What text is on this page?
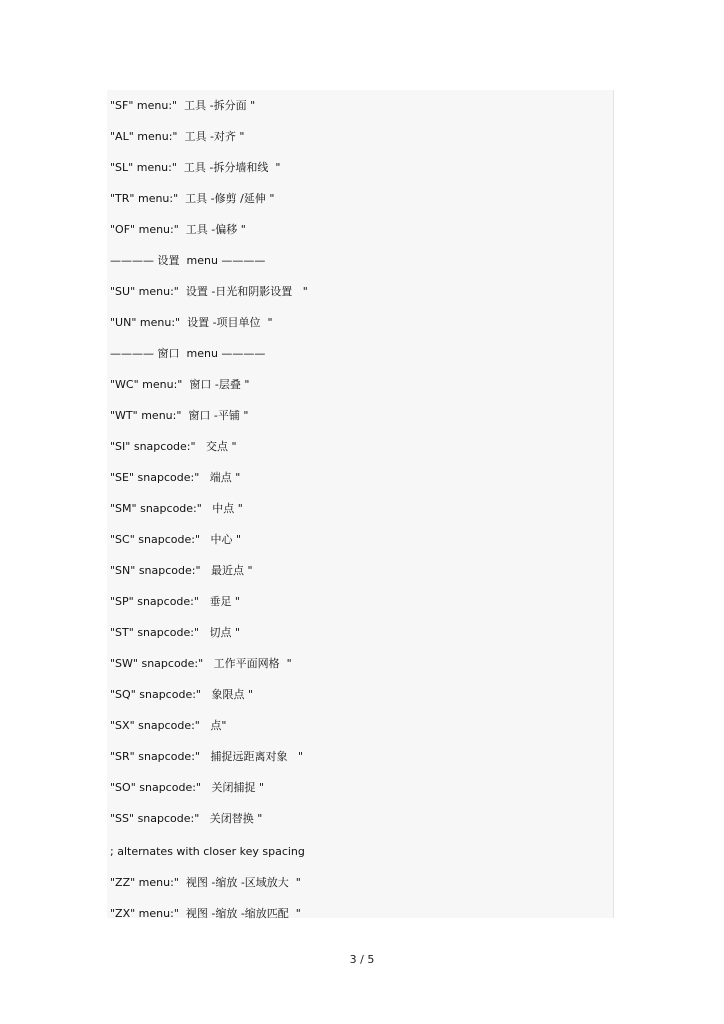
"SF" menu:"  工具 -拆分面 "
"AL" menu:"  工具 -对齐 "
"SL" menu:"  工具 -拆分墙和线  "
"TR" menu:"  工具 -修剪 /延伸 "
"OF" menu:"  工具 -偏移 "
———— 设置  menu ————
"SU" menu:"  设置 -日光和阴影设置   "
"UN" menu:"  设置 -项目单位  "
———— 窗口  menu ————
"WC" menu:"  窗口 -层叠 "
"WT" menu:"  窗口 -平铺 "
"SI" snapcode:"   交点 "
"SE" snapcode:"   端点 "
"SM" snapcode:"   中点 "
"SC" snapcode:"   中心 "
"SN" snapcode:"   最近点 "
"SP" snapcode:"   垂足 "
"ST" snapcode:"   切点 "
"SW" snapcode:"   工作平面网格  "
"SQ" snapcode:"   象限点 "
"SX" snapcode:"   点"
"SR" snapcode:"   捕捉远距离对象   "
"SO" snapcode:"   关闭捕捉 "
"SS" snapcode:"   关闭替换 "
; alternates with closer key spacing
"ZZ" menu:"  视图 -缩放 -区域放大  "
"ZX" menu:"  视图 -缩放 -缩放匹配  "
3 / 5
